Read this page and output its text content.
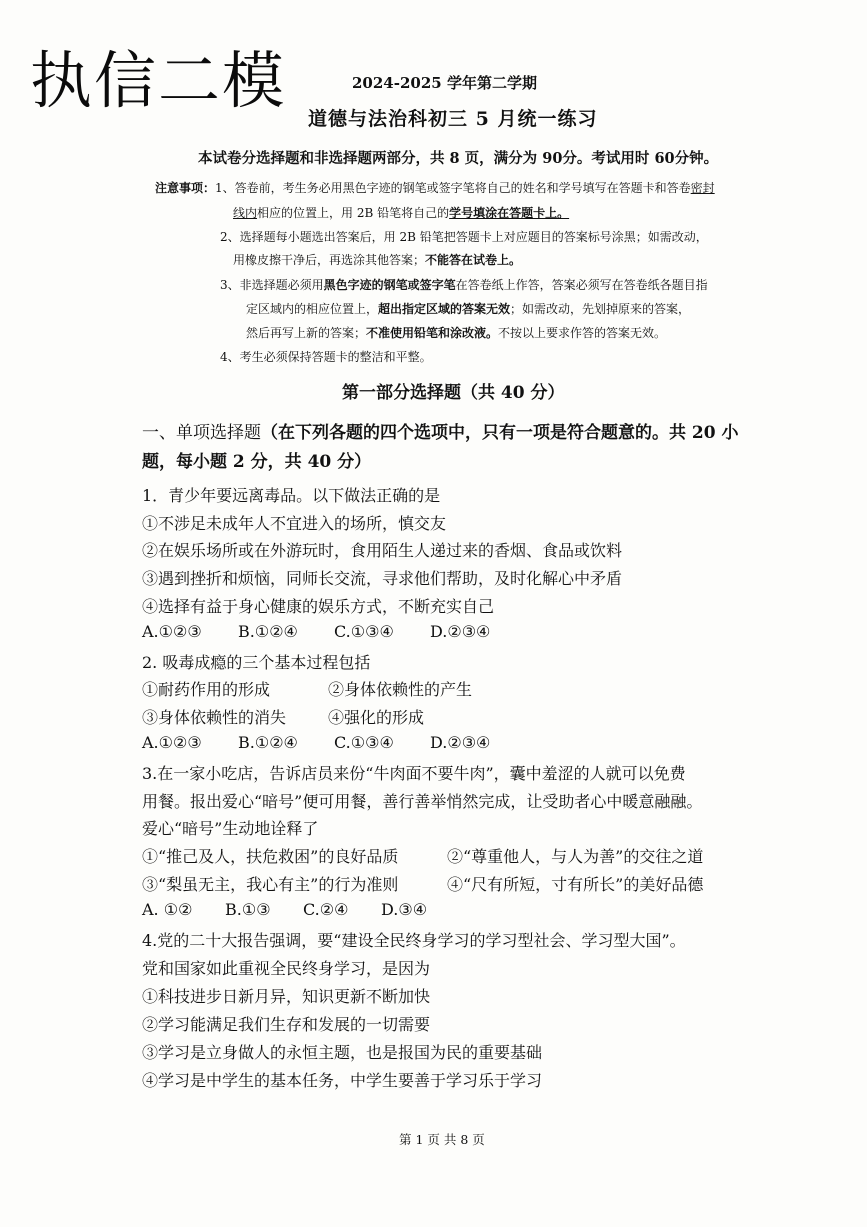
执信二模	2024-2025 学年第二学期
道德与法治科初三 5 月统一练习
本试卷分选择题和非选择题两部分，共 8 页，满分为 90分。考试用时 60分钟。
注意事项：1、答卷前，考生务必用黑色字迹的钢笔或签字笔将自己的姓名和学号填写在答题卡和答卷密封
线内相应的位置上，用 2B 铅笔将自己的学号填涂在答题卡上。
2、选择题每小题选出答案后，用 2B 铅笔把答题卡上对应题目的答案标号涂黑；如需改动，
用橡皮擦干净后，再选涂其他答案；不能答在试卷上。
3、非选择题必须用黑色字迹的钢笔或签字笔在答卷纸上作答，答案必须写在答卷纸各题目指
定区域内的相应位置上，超出指定区域的答案无效；如需改动，先划掉原来的答案，
然后再写上新的答案；不准使用铅笔和涂改液。不按以上要求作答的答案无效。
4、考生必须保持答题卡的整洁和平整。
第一部分选择题（共 40 分）
一、单项选择题（在下列各题的四个选项中，只有一项是符合题意的。共 20 小
题，每小题 2 分，共 40 分）
1．青少年要远离毒品。以下做法正确的是
①不涉足未成年人不宜进入的场所，慎交友
②在娱乐场所或在外游玩时，食用陌生人递过来的香烟、食品或饮料
③遇到挫折和烦恼，同师长交流，寻求他们帮助，及时化解心中矛盾
④选择有益于身心健康的娱乐方式，不断充实自己
A.①②③ B.①②④ C.①③④ D.②③④
2. 吸毒成瘾的三个基本过程包括
①耐药作用的形成	②身体依赖性的产生
③身体依赖性的消失	④强化的形成
A.①②③ B.①②④ C.①③④ D.②③④
3.在一家小吃店，告诉店员来份“牛肉面不要牛肉”，囊中羞涩的人就可以免费
用餐。报出爱心“暗号”便可用餐，善行善举悄然完成，让受助者心中暖意融融。
爱心“暗号”生动地诠释了
①“推己及人，扶危救困”的良好品质	②“尊重他人，与人为善”的交往之道
③“梨虽无主，我心有主”的行为准则	④“尺有所短，寸有所长”的美好品德
A. ①② B.①③ C.②④ D.③④
4.党的二十大报告强调，要“建设全民终身学习的学习型社会、学习型大国”。
党和国家如此重视全民终身学习，是因为
①科技进步日新月异，知识更新不断加快
②学习能满足我们生存和发展的一切需要
③学习是立身做人的永恒主题，也是报国为民的重要基础
④学习是中学生的基本任务，中学生要善于学习乐于学习
第 1 页 共 8 页
